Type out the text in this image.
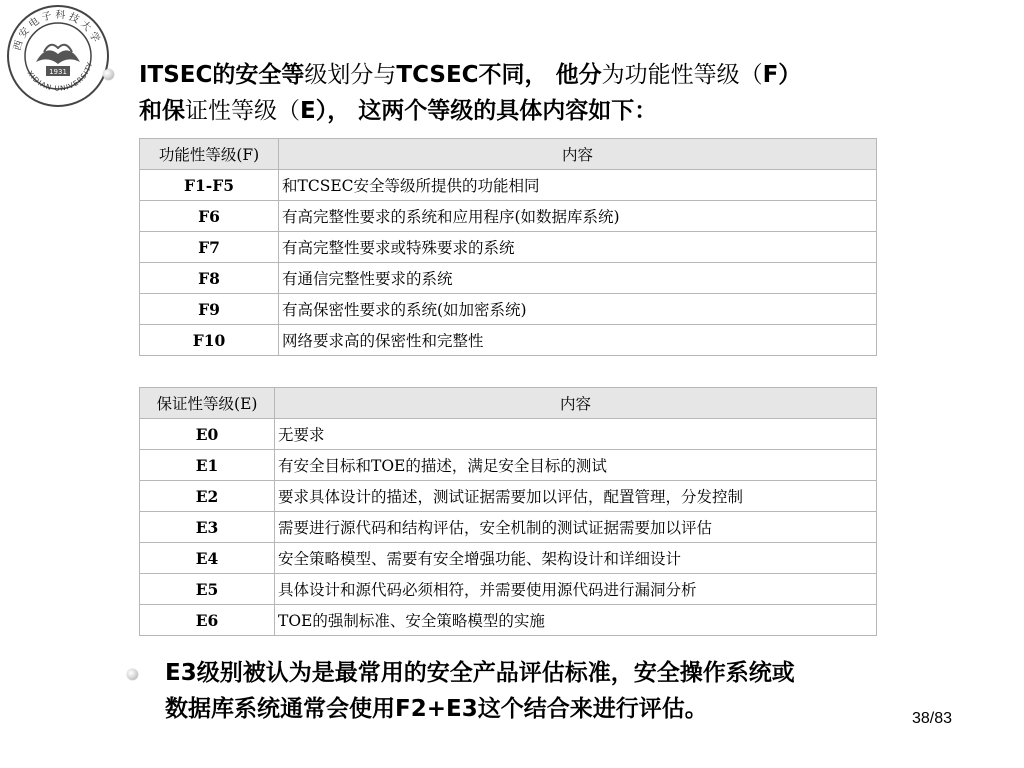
西安电子科技大学
XIDIAN UNIVERSITY
1931	ITSEC的安全等级划分与TCSEC不同， 他分为功能性等级（F）
和保证性等级（E）， 这两个等级的具体内容如下：
功能性等级(F)	内容
F1-F5	和TCSEC安全等级所提供的功能相同
F6	有高完整性要求的系统和应用程序(如数据库系统)
F7	有高完整性要求或特殊要求的系统
F8	有通信完整性要求的系统
F9	有高保密性要求的系统(如加密系统)
F10	网络要求高的保密性和完整性
保证性等级(E)	内容
E0	无要求
E1	有安全目标和TOE的描述，满足安全目标的测试
E2	要求具体设计的描述，测试证据需要加以评估，配置管理，分发控制
E3	需要进行源代码和结构评估，安全机制的测试证据需要加以评估
E4	安全策略模型、需要有安全增强功能、架构设计和详细设计
E5	具体设计和源代码必须相符，并需要使用源代码进行漏洞分析
E6	TOE的强制标准、安全策略模型的实施
E3级别被认为是最常用的安全产品评估标准，安全操作系统或
数据库系统通常会使用F2+E3这个结合来进行评估。	38/83
